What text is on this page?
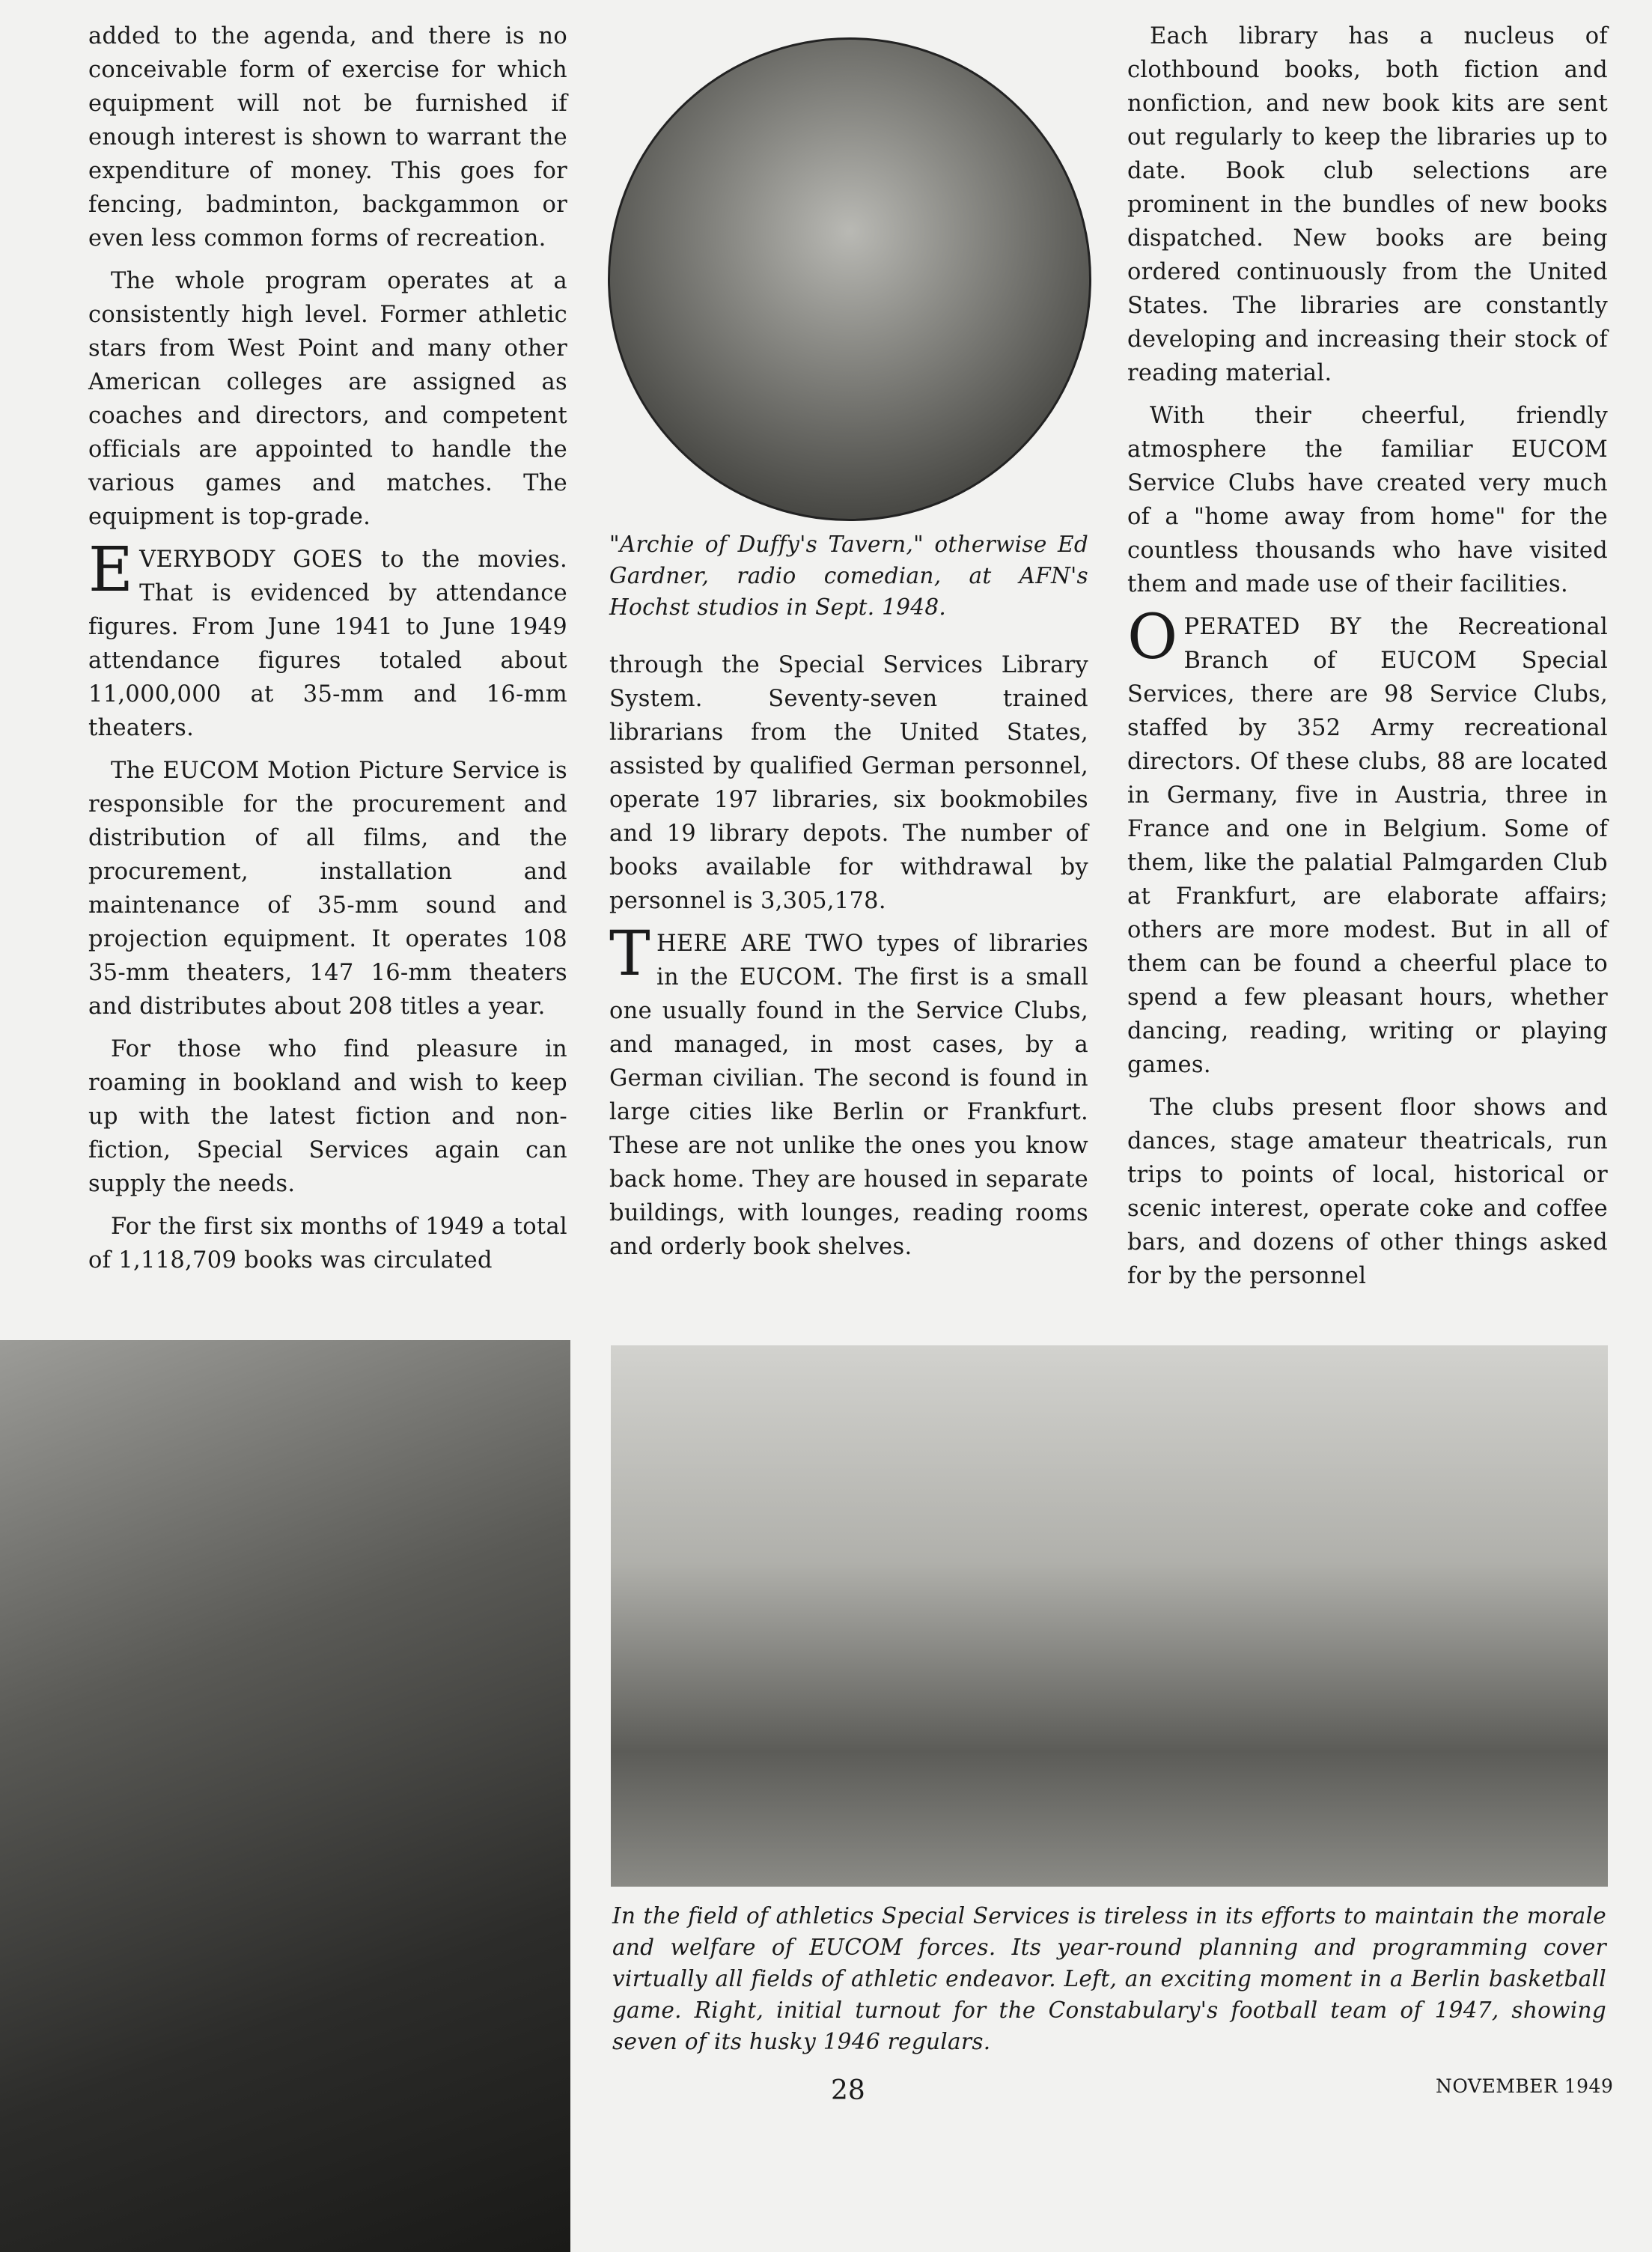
added to the agenda, and there is no conceivable form of exercise for which equipment will not be furnished if enough interest is shown to warrant the expenditure of money. This goes for fencing, badminton, backgammon or even less common forms of recreation.

The whole program operates at a consistently high level. Former athletic stars from West Point and many other American colleges are assigned as coaches and directors, and competent officials are appointed to handle the various games and matches. The equipment is top-grade.

EVERYBODY GOES to the movies. That is evidenced by attendance figures. From June 1941 to June 1949 attendance figures totaled about 11,000,000 at 35-mm and 16-mm theaters.

The EUCOM Motion Picture Service is responsible for the procurement and distribution of all films, and the procurement, installation and maintenance of 35-mm sound and projection equipment. It operates 108 35-mm theaters, 147 16-mm theaters and distributes about 208 titles a year.

For those who find pleasure in roaming in bookland and wish to keep up with the latest fiction and non-fiction, Special Services again can supply the needs.

For the first six months of 1949 a total of 1,118,709 books was circulated

"Archie of Duffy's Tavern," otherwise Ed Gardner, radio comedian, at AFN's Hochst studios in Sept. 1948.

through the Special Services Library System. Seventy-seven trained librarians from the United States, assisted by qualified German personnel, operate 197 libraries, six bookmobiles and 19 library depots. The number of books available for withdrawal by personnel is 3,305,178.

THERE ARE TWO types of libraries in the EUCOM. The first is a small one usually found in the Service Clubs, and managed, in most cases, by a German civilian. The second is found in large cities like Berlin or Frankfurt. These are not unlike the ones you know back home. They are housed in separate buildings, with lounges, reading rooms and orderly book shelves.

Each library has a nucleus of clothbound books, both fiction and nonfiction, and new book kits are sent out regularly to keep the libraries up to date. Book club selections are prominent in the bundles of new books dispatched. New books are being ordered continuously from the United States. The libraries are constantly developing and increasing their stock of reading material.

With their cheerful, friendly atmosphere the familiar EUCOM Service Clubs have created very much of a "home away from home" for the countless thousands who have visited them and made use of their facilities.

OPERATED BY the Recreational Branch of EUCOM Special Services, there are 98 Service Clubs, staffed by 352 Army recreational directors. Of these clubs, 88 are located in Germany, five in Austria, three in France and one in Belgium. Some of them, like the palatial Palmgarden Club at Frankfurt, are elaborate affairs; others are more modest. But in all of them can be found a cheerful place to spend a few pleasant hours, whether dancing, reading, writing or playing games.

The clubs present floor shows and dances, stage amateur theatricals, run trips to points of local, historical or scenic interest, operate coke and coffee bars, and dozens of other things asked for by the personnel

In the field of athletics Special Services is tireless in its efforts to maintain the morale and welfare of EUCOM forces. Its year-round planning and programming cover virtually all fields of athletic endeavor. Left, an exciting moment in a Berlin basketball game. Right, initial turnout for the Constabulary's football team of 1947, showing seven of its husky 1946 regulars.
28	NOVEMBER 1949
